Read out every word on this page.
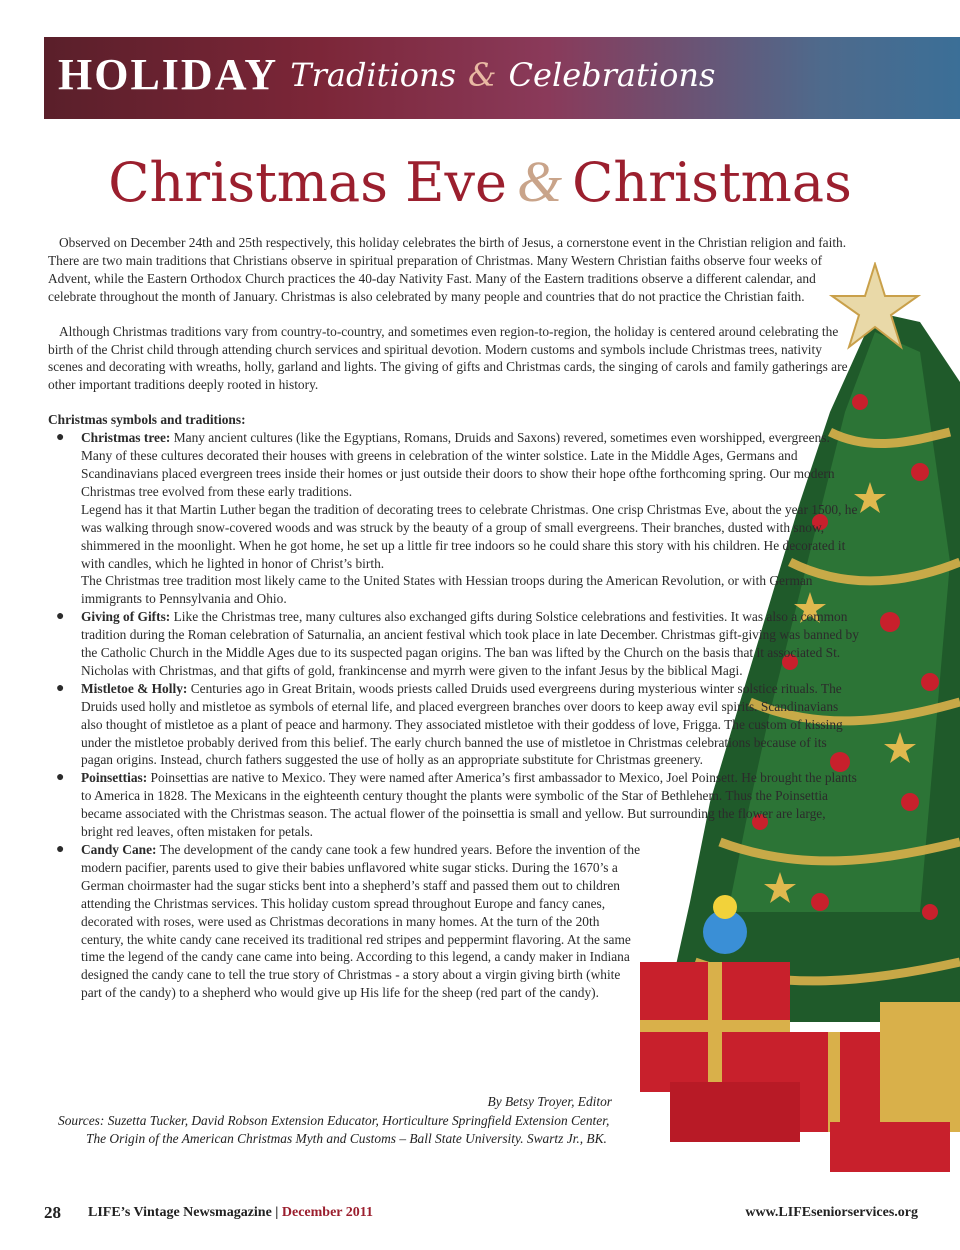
HOLIDAY Traditions & Celebrations
Christmas Eve & Christmas

Observed on December 24th and 25th respectively, this holiday celebrates the birth of Jesus, a cornerstone event in the Christian religion and faith. There are two main traditions that Christians observe in spiritual preparation of Christmas. Many Western Christian faiths observe four weeks of Advent, while the Eastern Orthodox Church practices the 40-day Nativity Fast. Many of the Eastern traditions observe a different calendar, and celebrate throughout the month of January. Christmas is also celebrated by many people and countries that do not practice the Christian faith.

Although Christmas traditions vary from country-to-country, and sometimes even region-to-region, the holiday is centered around celebrating the birth of the Christ child through attending church services and spiritual devotion. Modern customs and symbols include Christmas trees, nativity scenes and decorating with wreaths, holly, garland and lights. The giving of gifts and Christmas cards, the singing of carols and family gatherings are other important traditions deeply rooted in history.

Christmas symbols and traditions:
● Christmas tree: Many ancient cultures (like the Egyptians, Romans, Druids and Saxons) revered, sometimes even worshipped, evergreens. Many of these cultures decorated their houses with greens in celebration of the winter solstice. Late in the Middle Ages, Germans and Scandinavians placed evergreen trees inside their homes or just outside their doors to show their hope ofthe forthcoming spring. Our modern Christmas tree evolved from these early traditions.
Legend has it that Martin Luther began the tradition of decorating trees to celebrate Christmas. One crisp Christmas Eve, about the year 1500, he was walking through snow-covered woods and was struck by the beauty of a group of small evergreens. Their branches, dusted with snow, shimmered in the moonlight. When he got home, he set up a little fir tree indoors so he could share this story with his children. He decorated it with candles, which he lighted in honor of Christ’s birth.
The Christmas tree tradition most likely came to the United States with Hessian troops during the American Revolution, or with German immigrants to Pennsylvania and Ohio.
● Giving of Gifts: Like the Christmas tree, many cultures also exchanged gifts during Solstice celebrations and festivities. It was also a common tradition during the Roman celebration of Saturnalia, an ancient festival which took place in late December. Christmas gift-giving was banned by the Catholic Church in the Middle Ages due to its suspected pagan origins. The ban was lifted by the Church on the basis that it associated St. Nicholas with Christmas, and that gifts of gold, frankincense and myrrh were given to the infant Jesus by the biblical Magi.
● Mistletoe & Holly: Centuries ago in Great Britain, woods priests called Druids used evergreens during mysterious winter solstice rituals. The Druids used holly and mistletoe as symbols of eternal life, and placed evergreen branches over doors to keep away evil spirits. Scandinavians also thought of mistletoe as a plant of peace and harmony. They associated mistletoe with their goddess of love, Frigga. The custom of kissing under the mistletoe probably derived from this belief. The early church banned the use of mistletoe in Christmas celebrations because of its pagan origins. Instead, church fathers suggested the use of holly as an appropriate substitute for Christmas greenery.
● Poinsettias: Poinsettias are native to Mexico. They were named after America’s first ambassador to Mexico, Joel Poinsett. He brought the plants to America in 1828. The Mexicans in the eighteenth century thought the plants were symbolic of the Star of Bethlehem. Thus the Poinsettia became associated with the Christmas season. The actual flower of the poinsettia is small and yellow. But surrounding the flower are large, bright red leaves, often mistaken for petals.
● Candy Cane: The development of the candy cane took a few hundred years. Before the invention of the modern pacifier, parents used to give their babies unflavored white sugar sticks. During the 1670’s a German choirmaster had the sugar sticks bent into a shepherd’s staff and passed them out to children attending the Christmas services. This holiday custom spread throughout Europe and fancy canes, decorated with roses, were used as Christmas decorations in many homes. At the turn of the 20th century, the white candy cane received its traditional red stripes and peppermint flavoring. At the same time the legend of the candy cane came into being. According to this legend, a candy maker in Indiana designed the candy cane to tell the true story of Christmas - a story about a virgin giving birth (white part of the candy) to a shepherd who would give up His life for the sheep (red part of the candy).
By Betsy Troyer, Editor
Sources: Suzetta Tucker, David Robson Extension Educator, Horticulture Springfield Extension Center,
The Origin of the American Christmas Myth and Customs – Ball State University. Swartz Jr., BK.
28 LIFE’s Vintage Newsmagazine | December 2011	www.LIFEseniorservices.org
